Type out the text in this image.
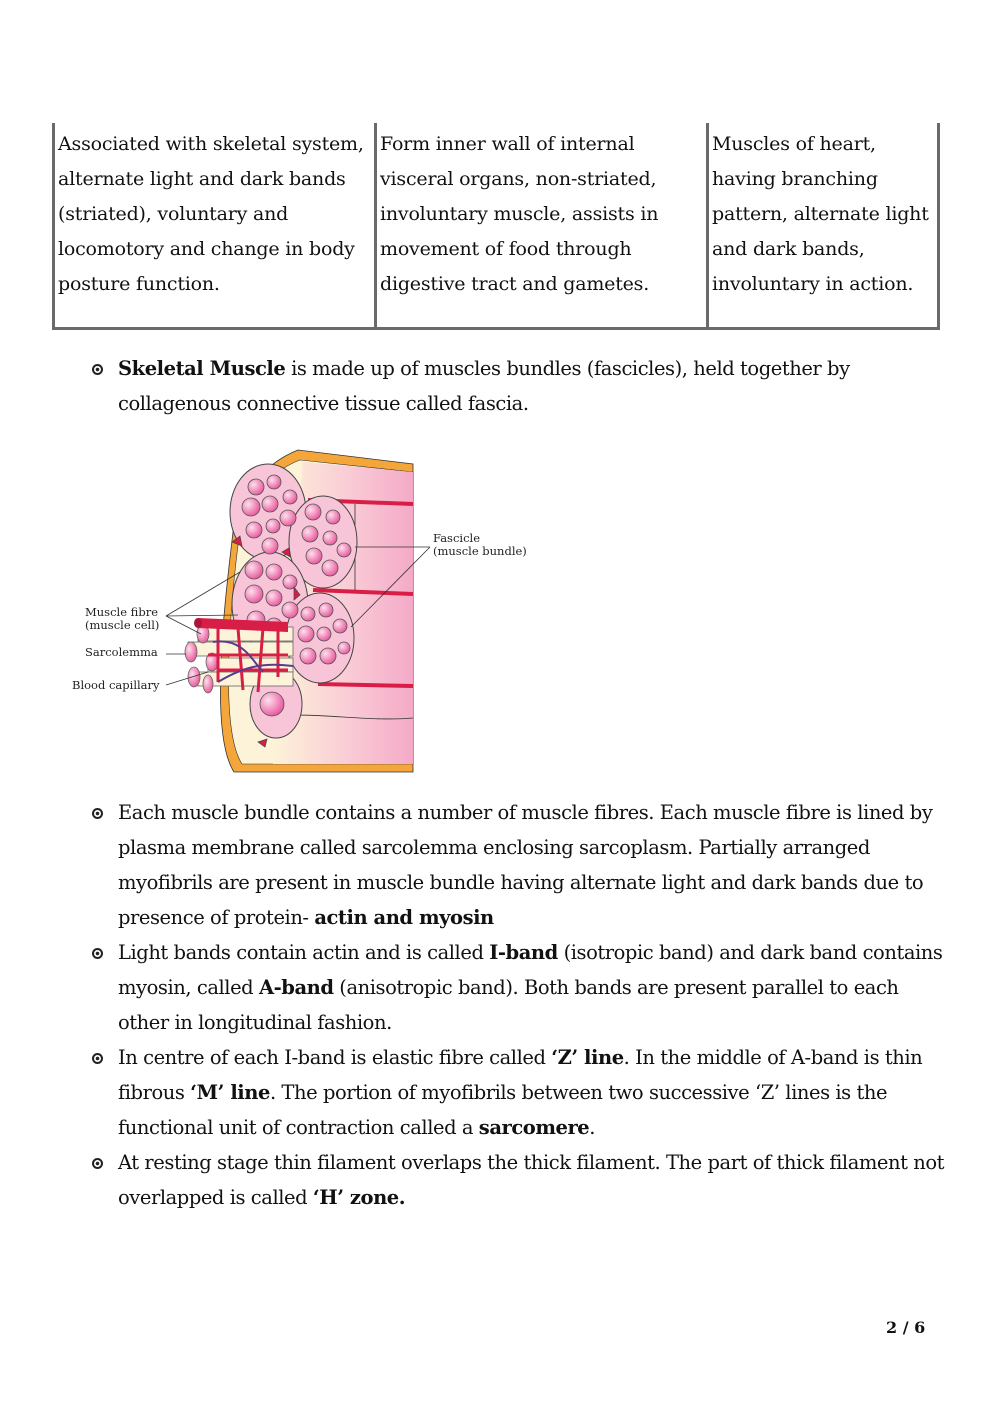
Associated with skeletal system,
alternate light and dark bands
(striated), voluntary and
locomotory and change in body
posture function.
Form inner wall of internal
visceral organs, non-striated,
involuntary muscle, assists in
movement of food through
digestive tract and gametes.
Muscles of heart,
having branching
pattern, alternate light
and dark bands,
involuntary in action.
Skeletal Muscle is made up of muscles bundles (fascicles), held together by
collagenous connective tissue called fascia.
Muscle fibre
(muscle cell)
Sarcolemma
Blood capillary
Fascicle
(muscle bundle)
Each muscle bundle contains a number of muscle fibres. Each muscle fibre is lined by plasma membrane called sarcolemma enclosing sarcoplasm. Partially arranged myofibrils are present in muscle bundle having alternate light and dark bands due to presence of protein- actin and myosin
Light bands contain actin and is called I-band (isotropic band) and dark band contains myosin, called A-band (anisotropic band). Both bands are present parallel to each other in longitudinal fashion.
In centre of each I-band is elastic fibre called ‘Z’ line. In the middle of A-band is thin fibrous ‘M’ line. The portion of myofibrils between two successive ‘Z’ lines is the functional unit of contraction called a sarcomere.
At resting stage thin filament overlaps the thick filament. The part of thick filament not overlapped is called ‘H’ zone.
2 / 6
